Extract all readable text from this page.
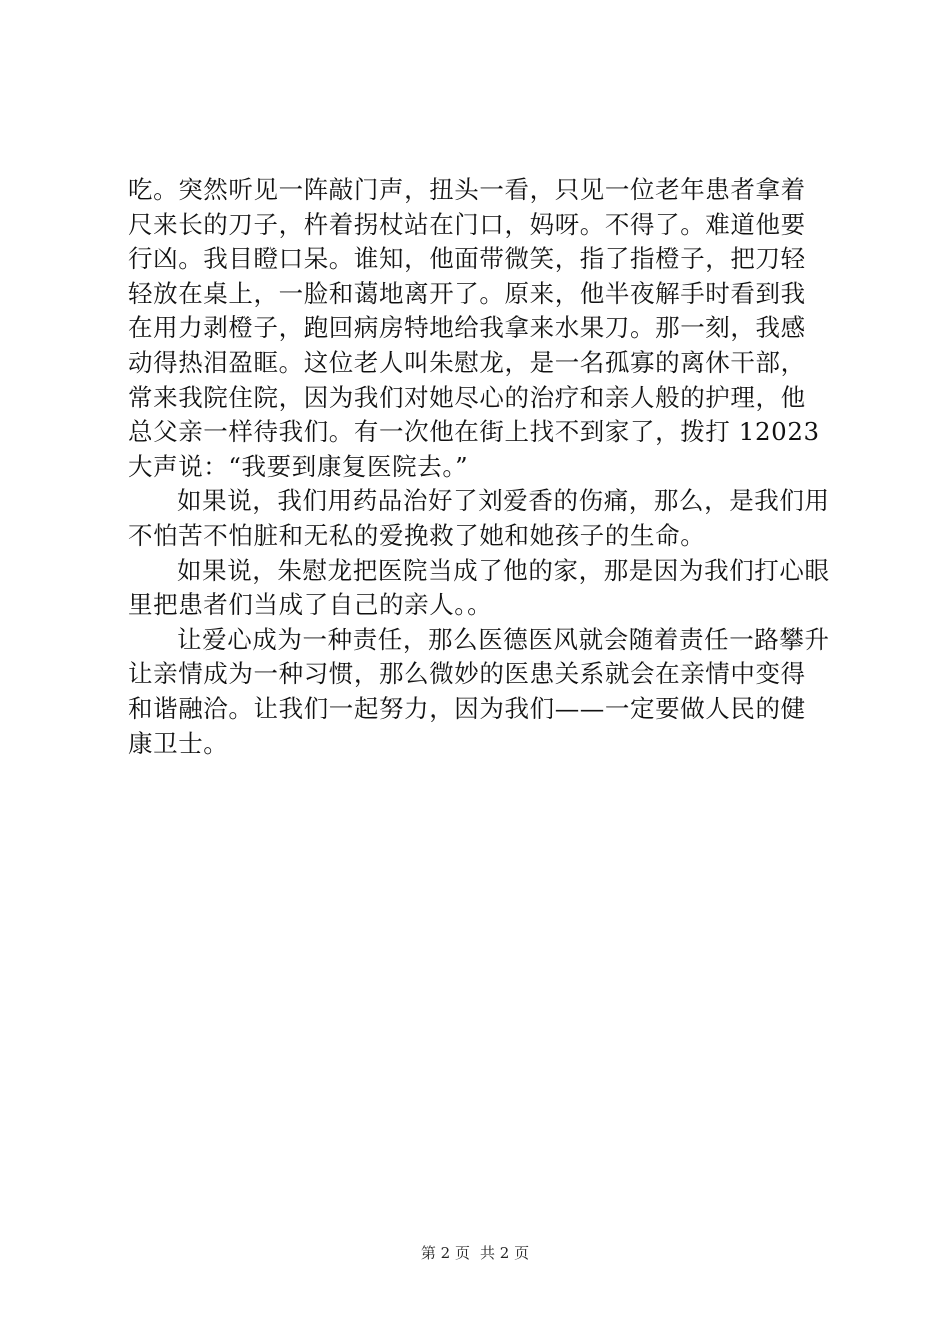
吃。突然听见一阵敲门声，扭头一看，只见一位老年患者拿着
尺来长的刀子，杵着拐杖站在门口，妈呀。不得了。难道他要
行凶。我目瞪口呆。谁知，他面带微笑，指了指橙子，把刀轻
轻放在桌上，一脸和蔼地离开了。原来，他半夜解手时看到我
在用力剥橙子，跑回病房特地给我拿来水果刀。那一刻，我感
动得热泪盈眶。这位老人叫朱慰龙，是一名孤寡的离休干部，
常来我院住院，因为我们对她尽心的治疗和亲人般的护理，他
总父亲一样待我们。有一次他在街上找不到家了，拨打 12023
大声说：“我要到康复医院去。”

如果说，我们用药品治好了刘爱香的伤痛，那么，是我们用
不怕苦不怕脏和无私的爱挽救了她和她孩子的生命。

如果说，朱慰龙把医院当成了他的家，那是因为我们打心眼
里把患者们当成了自己的亲人。。

让爱心成为一种责任，那么医德医风就会随着责任一路攀升
让亲情成为一种习惯，那么微妙的医患关系就会在亲情中变得
和谐融洽。让我们一起努力，因为我们——一定要做人民的健
康卫士。

第 2 页 共 2 页
